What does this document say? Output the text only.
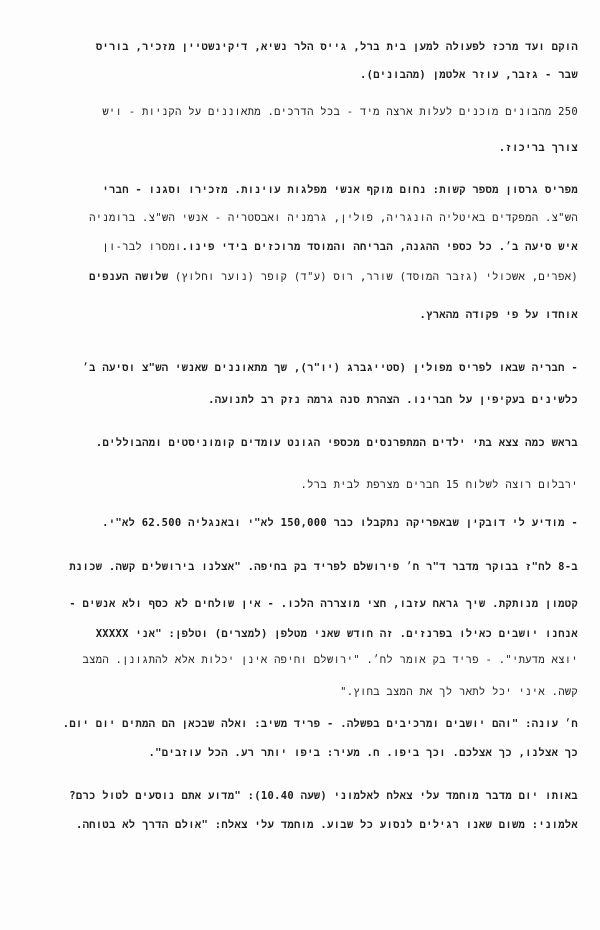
הוקם ועד מרכז לפעולה למען בית ברל, גייס הלר נשיא, דיקינשטיין מזכיר, בוריס
שבר - גזבר, עוזר אלטמן (מהבונים).
250 מהבונים מוכנים לעלות ארצה מיד - בכל הדרכים. מתאוננים על הקניות - ויש
צורך בריכוז.
מפריס גרסון מספר קשות: נחום מוקף אנשי מפלגות עוינות. מזכירו וסגנו - חברי
הש"צ. המפקדים באיטליה הונגריה, פולין, גרמניה ואבסטריה - אנשי הש"צ. ברומניה
איש סיעה ב׳. כל כספי ההגנה, הבריחה והמוסד מרוכזים בידי פינו.ומסרו לבר-ון
(אפרים, אשכולי (גזבר המוסד) שורר, רוס (ע"ד) קופר (נוער וחלוץ) שלושה הענפים
אוחדו על פי פקודה מהארץ.
- חבריה שבאו לפריס מפולין (סטייגברג (יו"ר), שך מתאוננים שאנשי הש"צ וסיעה ב׳
כלשינים בעקיפין על חברינו. הצהרת סנה גרמה נזק רב לתנועה.
בראש כמה צצא בתי ילדים המתפרנסים מכספי הגונט עומדים קומוניסטים ומהבוללים.
ירבלום רוצה לשלוח 15 חברים מצרפת לבית ברל.
- מודיע לי דובקין שבאפריקה נתקבלו כבר 150,000 לא"י ובאנגליה 62.500 לא"י.
ב-8 לח"ז בבוקר מדבר ד"ר ח׳ פירושלם לפריד בק בחיפה. "אצלנו בירושלים קשה. שכונת
קטמון מנותקת. שיך גראח עזבו, חצי מוצררה הלכו. - אין שולחים לא כסף ולא אנשים -
אנחנו יושבים כאילו בפרנזים. זה חודש שאני מטלפן (למצרים) וטלפן: "אני XXXXX
יוצא מדעתי". - פריד בק אומר לח׳. "ירושלם וחיפה אינן יכלות אלא להתגונן. המצב
קשה. איני יכל לתאר לך את המצב בחוץ."
ח׳ עונה: "והם יושבים ומרכיבים בפשלה. - פריד משיב: ואלה שבכאן הם המתים יום יום.
כך אצלנו, כך אצלכם. וכך ביפו. ח. מעיר: ביפו יותר רע. הכל עוזבים".
באותו יום מדבר מוחמד עלי צאלח לאלמוני (שעה 10.40): "מדוע אתם נוסעים לטול כרם?
אלמוני: משום שאנו רגילים לנסוע כל שבוע. מוחמד עלי צאלח: "אולם הדרך לא בטוחה.
